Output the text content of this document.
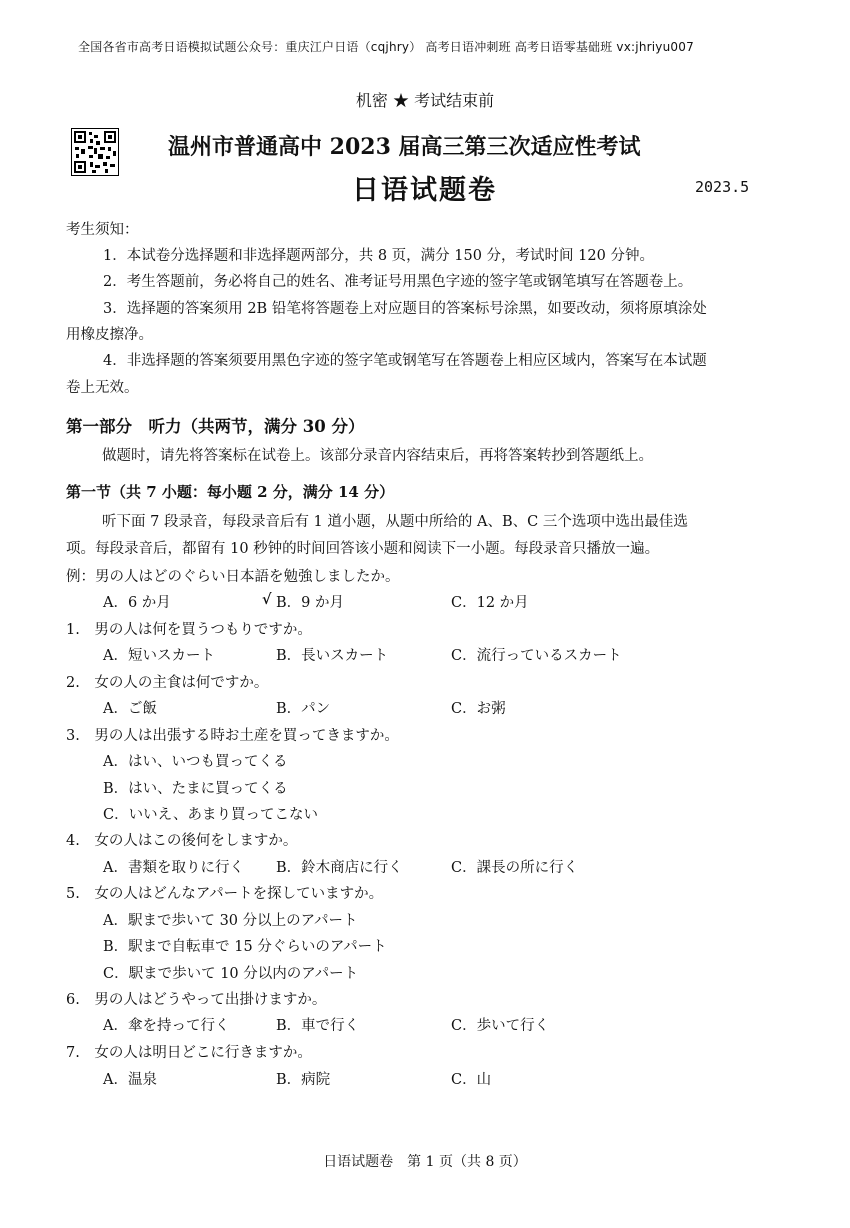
全国各省市高考日语模拟试题公众号：重庆江户日语（cqjhry） 高考日语冲刺班 高考日语零基础班 vx:jhriyu007
机密 ★ 考试结束前
温州市普通高中 2023 届高三第三次适应性考试
日语试题卷	2023.5
考生须知：
1．本试卷分选择题和非选择题两部分，共 8 页，满分 150 分，考试时间 120 分钟。
2．考生答题前，务必将自己的姓名、准考证号用黑色字迹的签字笔或钢笔填写在答题卷上。
3．选择题的答案须用 2B 铅笔将答题卷上对应题目的答案标号涂黑，如要改动，须将原填涂处
用橡皮擦净。
4．非选择题的答案须要用黑色字迹的签字笔或钢笔写在答题卷上相应区域内，答案写在本试题
卷上无效。
第一部分　听力（共两节，满分 30 分）
做题时，请先将答案标在试卷上。该部分录音内容结束后，再将答案转抄到答题纸上。
第一节（共 7 小题：每小题 2 分，满分 14 分）
听下面 7 段录音，每段录音后有 1 道小题，从题中所给的 A、B、C 三个选项中选出最佳选
项。每段录音后，都留有 10 秒钟的时间回答该小题和阅读下一小题。每段录音只播放一遍。
例：男の人はどのぐらい日本語を勉強しましたか。
A．6 か月	√ B．9 か月	C．12 か月
1.　男の人は何を買うつもりですか。
A．短いスカート	B．長いスカート	C．流行っているスカート
2.　女の人の主食は何ですか。
A．ご飯	B．パン	C．お粥
3.　男の人は出張する時お土産を買ってきますか。
A．はい、いつも買ってくる
B．はい、たまに買ってくる
C．いいえ、あまり買ってこない
4.　女の人はこの後何をしますか。
A．書類を取りに行く B．鈴木商店に行く	C．課長の所に行く
5.　女の人はどんなアパートを探していますか。
A．駅まで歩いて 30 分以上のアパート
B．駅まで自転車で 15 分ぐらいのアパート
C．駅まで歩いて 10 分以内のアパート
6.　男の人はどうやって出掛けますか。
A．傘を持って行く	B．車で行く	C．歩いて行く
7.　女の人は明日どこに行きますか。
A．温泉	B．病院	C．山
日语试题卷　第 1 页（共 8 页）
